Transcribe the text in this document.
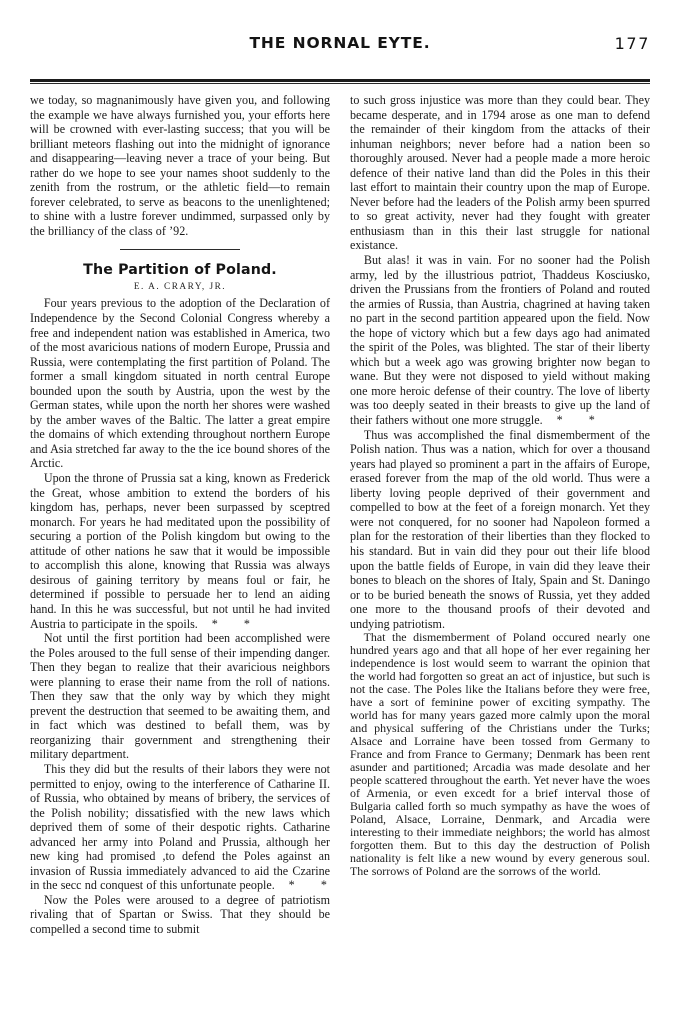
THE NORNAL EYTE.	177

we today, so magnanimously have given you, and following the example we have always furnished you, your efforts here will be crowned with ever-lasting success; that you will be brilliant meteors flashing out into the midnight of ignorance and disappearing—leaving never a trace of your being. But rather do we hope to see your names shoot suddenly to the zenith from the rostrum, or the athletic field—to remain forever celebrated, to serve as beacons to the unenlightened; to shine with a lustre forever undimmed, surpassed only by the brilliancy of the class of ’92.

The Partition of Poland.
E. A. CRARY, JR.

Four years previous to the adoption of the Declaration of Independence by the Second Colonial Congress whereby a free and independent nation was established in America, two of the most avaricious nations of modern Europe, Prussia and Russia, were contemplating the first partition of Poland. The former a small kingdom situated in north central Europe bounded upon the south by Austria, upon the west by the German states, while upon the north her shores were washed by the amber waves of the Baltic. The latter a great empire the domains of which extending throughout northern Europe and Asia stretched far away to the the ice bound shores of the Arctic.

Upon the throne of Prussia sat a king, known as Frederick the Great, whose ambition to extend the borders of his kingdom has, perhaps, never been surpassed by sceptred monarch. For years he had meditated upon the possibility of securing a portion of the Polish kingdom but owing to the attitude of other nations he saw that it would be impossible to accomplish this alone, knowing that Russia was always desirous of gaining territory by means foul or fair, he determined if possible to persuade her to lend an aiding hand. In this he was successful, but not until he had invited Austria to participate in the spoils. *        *

Not until the first portition had been accomplished were the Poles aroused to the full sense of their impending danger. Then they began to realize that their avaricious neighbors were planning to erase their name from the roll of nations. Then they saw that the only way by which they might prevent the destruction that seemed to be awaiting them, and in fact which was destined to befall them, was by reorganizing thair government and strengthening their military department.

This they did but the results of their labors they were not permitted to enjoy, owing to the interference of Catharine II. of Russia, who obtained by means of bribery, the services of the Polish nobility; dissatisfied with the new laws which deprived them of some of their despotic rights. Catharine advanced her army into Poland and Prussia, although her new king had promised ,to defend the Poles against an invasion of Russia immediately advanced to aid the Czarine in the secc nd conquest of this unfortunate people. *        *

Now the Poles were aroused to a degree of patriotism rivaling that of Spartan or Swiss. That they should be compelled a second time to submit

to such gross injustice was more than they could bear. They became desperate, and in 1794 arose as one man to defend the remainder of their kingdom from the attacks of their inhuman neighbors; never before had a nation been so thoroughly aroused. Never had a people made a more heroic defence of their native land than did the Poles in this their last effort to maintain their country upon the map of Europe. Never before had the leaders of the Polish army been spurred to so great activity, never had they fought with greater enthusiasm than in this their last struggle for national existance.

But alas! it was in vain. For no sooner had the Polish army, led by the illustrious pɑtriot, Thaddeus Kosciusko, driven the Prussians from the frontiers of Poland and routed the armies of Russia, than Austria, chagrined at having taken no part in the second partition appeared upon the field. Now the hope of victory which but a few days ago had animated the spirit of the Poles, was blighted. The star of their liberty which but a week ago was growing brighter now began to wane. But they were not disposed to yield without making one more heroic defense of their country. The love of liberty was too deeply seated in their breasts to give up the land of their fathers without one more struggle. *        *

Thus was accomplished the final dismemberment of the Polish nation. Thus was a nation, which for over a thousand years had played so prominent a part in the affairs of Europe, erased forever from the map of the old world. Thus were a liberty loving people deprived of their government and compelled to bow at the feet of a foreign monarch. Yet they were not conquered, for no sooner had Napoleon formed a plan for the restoration of their liberties than they flocked to his standard. But in vain did they pour out their life blood upon the battle fields of Europe, in vain did they leave their bones to bleach on the shores of Italy, Spain and St. Daningo or to be buried beneath the snows of Russia, yet they added one more to the thousand proofs of their devoted and undying patriotism.

That the dismemberment of Poland occured nearly one hundred years ago and that all hope of her ever regaining her independence is lost would seem to warrant the opinion that the world had forgotten so great an act of injustice, but such is not the case. The Poles like the Italians before they were free, have a sort of feminine power of exciting sympathy. The world has for many years gazed more calmly upon the moral and physical suffering of the Christians under the Turks; Alsace and Lorraine have been tossed from Germany to France and from France to Germany; Denmark has been rent asunder and partitioned; Arcadia was made desolate and her people scattered throughout the earth. Yet never have the woes of Armenia, or even excedt for a brief interval those of Bulgaria called forth so much sympathy as have the woes of Poland, Alsace, Lorraine, Denmark, and Arcadia were interesting to their immediate neighbors; the world has almost forgotten them. But to this day the destruction of Polish nationality is felt like a new wound by every generous soul. The sorrows of Polɑnd are the sorrows of the world.
